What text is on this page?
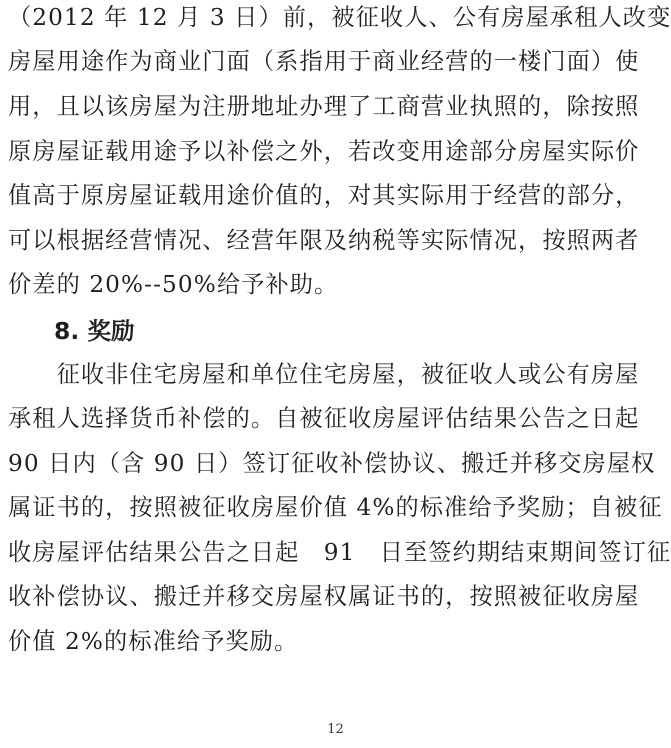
（2012 年 12 月 3 日）前，被征收人、公有房屋承租人改变
房屋用途作为商业门面（系指用于商业经营的一楼门面）使
用，且以该房屋为注册地址办理了工商营业执照的，除按照
原房屋证载用途予以补偿之外，若改变用途部分房屋实际价
值高于原房屋证载用途价值的，对其实际用于经营的部分，
可以根据经营情况、经营年限及纳税等实际情况，按照两者
价差的 20%--50%给予补助。
8. 奖励
　　征收非住宅房屋和单位住宅房屋，被征收人或公有房屋
承租人选择货币补偿的。自被征收房屋评估结果公告之日起
90 日内（含 90 日）签订征收补偿协议、搬迁并移交房屋权
属证书的，按照被征收房屋价值 4%的标准给予奖励；自被征
收房屋评估结果公告之日起　91　日至签约期结束期间签订征
收补偿协议、搬迁并移交房屋权属证书的，按照被征收房屋
价值 2%的标准给予奖励。
12
